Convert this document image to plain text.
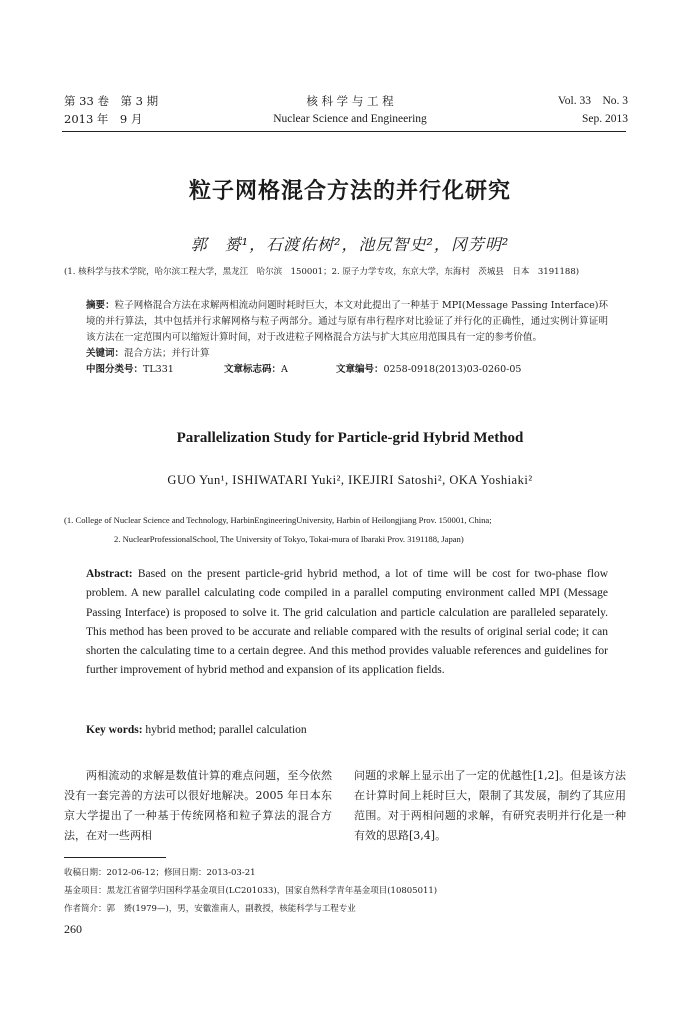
第 33 卷　第 3 期
2013 年　9 月
核 科 学 与 工 程
Nuclear Science and Engineering
Vol. 33　No. 3
Sep. 2013
粒子网格混合方法的并行化研究
郭　赟¹，石渡佑树²，池尻智史²，冈芳明²
(1. 核科学与技术学院，哈尔滨工程大学，黑龙江　哈尔滨　150001；2. 原子力学专攻，东京大学，东海村　茨城县　日本　3191188)
摘要：粒子网格混合方法在求解两相流动问题时耗时巨大，本文对此提出了一种基于 MPI(Message Passing Interface)环境的并行算法，其中包括并行求解网格与粒子两部分。通过与原有串行程序对比验证了并行化的正确性，通过实例计算证明该方法在一定范围内可以缩短计算时间，对于改进粒子网格混合方法与扩大其应用范围具有一定的参考价值。
关键词：混合方法；并行计算
中图分类号：TL331	文章标志码：A	文章编号：0258-0918(2013)03-0260-05
Parallelization Study for Particle-grid Hybrid Method
GUO Yun¹, ISHIWATARI Yuki², IKEJIRI Satoshi², OKA Yoshiaki²
(1. College of Nuclear Science and Technology, HarbinEngineeringUniversity, Harbin of Heilongjiang Prov. 150001, China;
2. NuclearProfessionalSchool, The University of Tokyo, Tokai-mura of Ibaraki Prov. 3191188, Japan)
Abstract: Based on the present particle-grid hybrid method, a lot of time will be cost for two-phase flow problem. A new parallel calculating code compiled in a parallel computing environment called MPI (Message Passing Interface) is proposed to solve it. The grid calculation and particle calculation are paralleled separately. This method has been proved to be accurate and reliable compared with the results of original serial code; it can shorten the calculating time to a certain degree. And this method provides valuable references and guidelines for further improvement of hybrid method and expansion of its application fields.
Key words: hybrid method; parallel calculation
两相流动的求解是数值计算的难点问题，至今依然没有一套完善的方法可以很好地解决。2005 年日本东京大学提出了一种基于传统网格和粒子算法的混合方法，在对一些两相
问题的求解上显示出了一定的优越性[1,2]。但是该方法在计算时间上耗时巨大，限制了其发展，制约了其应用范围。对于两相问题的求解，有研究表明并行化是一种有效的思路[3,4]。
收稿日期：2012-06-12；修回日期：2013-03-21
基金项目：黑龙江省留学归国科学基金项目(LC201033)，国家自然科学青年基金项目(10805011)
作者简介：郭　赟(1979—)，男，安徽淮南人，副教授，核能科学与工程专业
260
